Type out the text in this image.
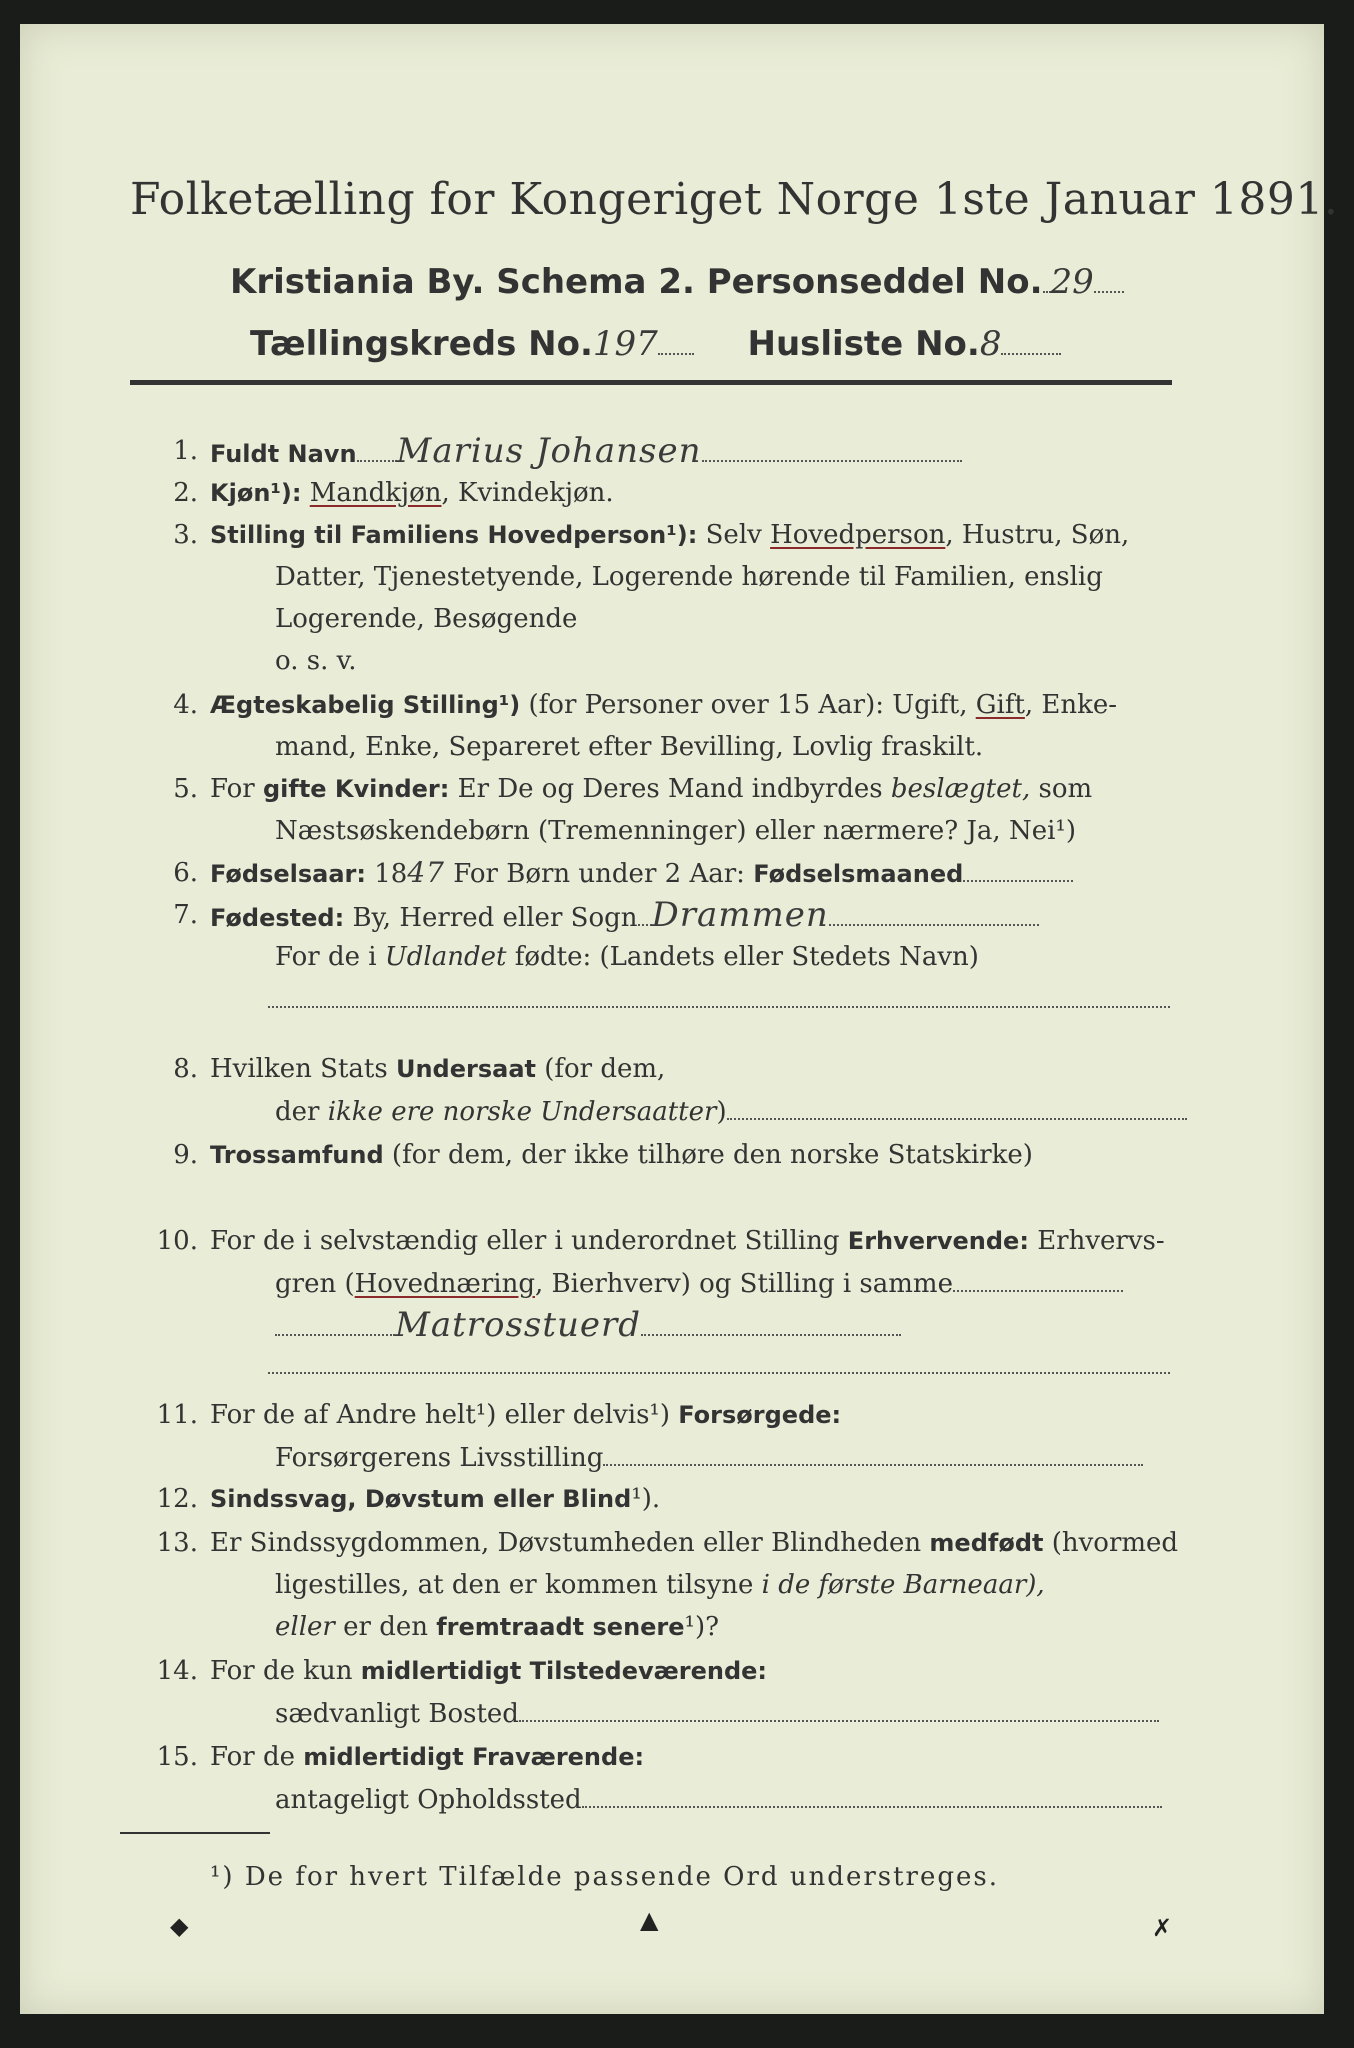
Folketælling for Kongeriget Norge 1ste Januar 1891.
Kristiania By. Schema 2. Personseddel No. 29
Tællingskreds No.197	Husliste No.8
1. Fuldt Navn Marius Johansen
2. Kjøn¹): Mandkjøn, Kvindekjøn.
3. Stilling til Familiens Hovedperson¹): Selv Hovedperson, Hustru, Søn,
Datter, Tjenestetyende, Logerende hørende til Familien, enslig
Logerende, Besøgende
o. s. v.
4. Ægteskabelig Stilling¹) (for Personer over 15 Aar): Ugift, Gift, Enke-
mand, Enke, Separeret efter Bevilling, Lovlig fraskilt.
5. For gifte Kvinder: Er De og Deres Mand indbyrdes beslægtet, som
Næstsøskendebørn (Tremenninger) eller nærmere? Ja, Nei¹)
6. Fødselsaar: 1847 For Børn under 2 Aar: Fødselsmaaned
7. Fødested: By, Herred eller Sogn Drammen
For de i Udlandet fødte: (Landets eller Stedets Navn)
8. Hvilken Stats Undersaat (for dem,
der ikke ere norske Undersaatter)
9. Trossamfund (for dem, der ikke tilhøre den norske Statskirke)
10. For de i selvstændig eller i underordnet Stilling Erhvervende: Erhvervs-
gren (Hovednæring, Bierhverv) og Stilling i samme
Matrosstuerd
11. For de af Andre helt¹) eller delvis¹) Forsørgede:
Forsørgerens Livsstilling
12. Sindssvag, Døvstum eller Blind¹).
13. Er Sindssygdommen, Døvstumheden eller Blindheden medfødt (hvormed
ligestilles, at den er kommen tilsyne i de første Barneaar),
eller er den fremtraadt senere¹)?
14. For de kun midlertidigt Tilstedeværende:
sædvanligt Bosted
15. For de midlertidigt Fraværende:
antageligt Opholdssted
¹) De for hvert Tilfælde passende Ord understreges.
◆	▲	✗
